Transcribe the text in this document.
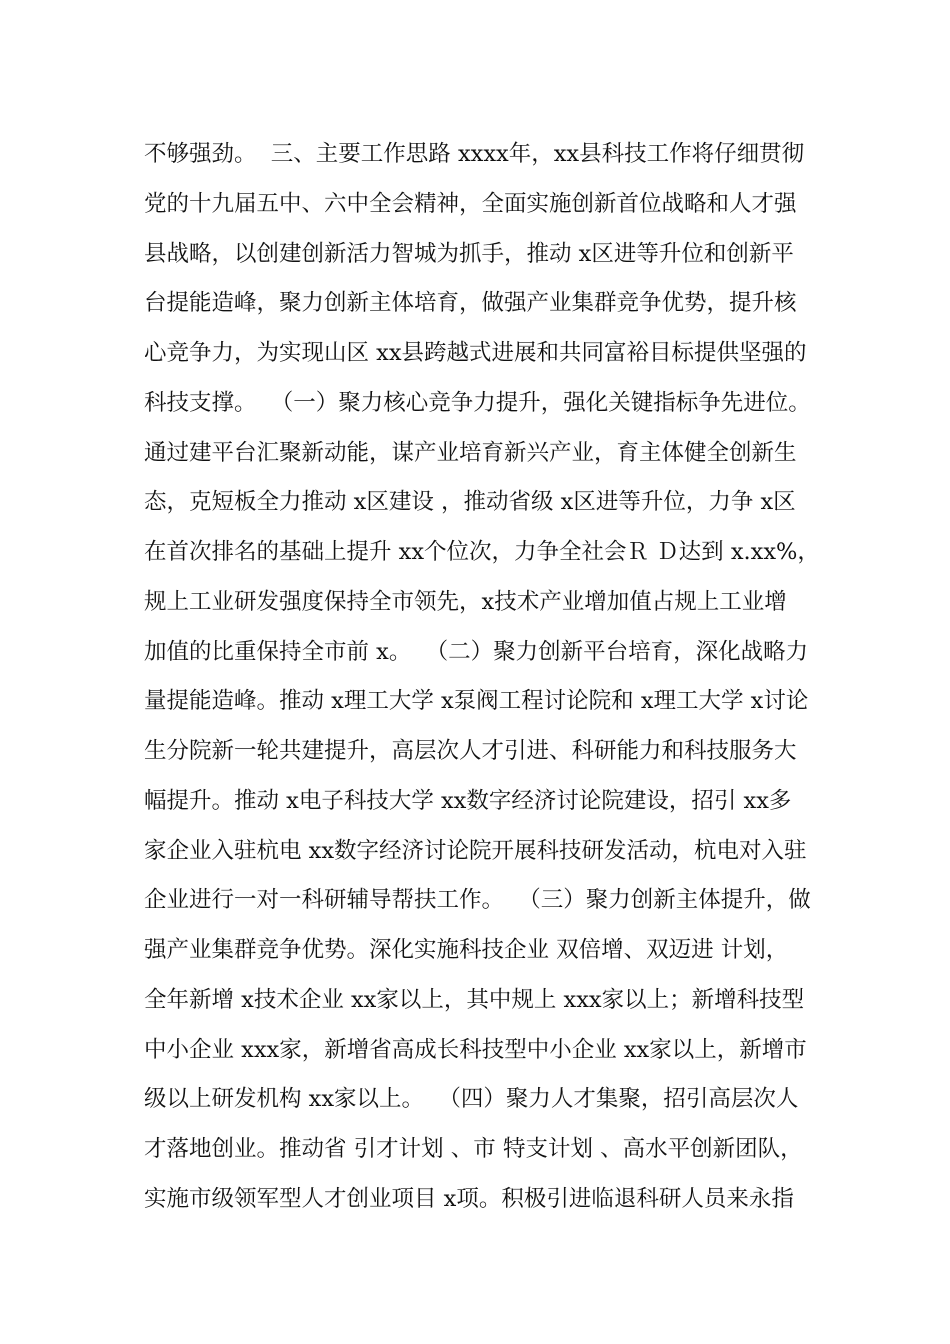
不够强劲。  三、主要工作思路 xxxx年，xx县科技工作将仔细贯彻
党的十九届五中、六中全会精神，全面实施创新首位战略和人才强
县战略，以创建创新活力智城为抓手，推动 x区进等升位和创新平
台提能造峰，聚力创新主体培育，做强产业集群竞争优势，提升核
心竞争力，为实现山区 xx县跨越式进展和共同富裕目标提供坚强的
科技支撑。  （一）聚力核心竞争力提升，强化关键指标争先进位。
通过建平台汇聚新动能，谋产业培育新兴产业，育主体健全创新生
态，克短板全力推动 x区建设 ，推动省级 x区进等升位，力争 x区
在首次排名的基础上提升 xx个位次，力争全社会Ｒ Ｄ达到 x.xx%，
规上工业研发强度保持全市领先，x技术产业增加值占规上工业增
加值的比重保持全市前 x。  （二）聚力创新平台培育，深化战略力
量提能造峰。推动 x理工大学 x泵阀工程讨论院和 x理工大学 x讨论
生分院新一轮共建提升，高层次人才引进、科研能力和科技服务大
幅提升。推动 x电子科技大学 xx数字经济讨论院建设，招引 xx多
家企业入驻杭电 xx数字经济讨论院开展科技研发活动，杭电对入驻
企业进行一对一科研辅导帮扶工作。  （三）聚力创新主体提升，做
强产业集群竞争优势。深化实施科技企业 双倍增、双迈进 计划，
全年新增 x技术企业 xx家以上，其中规上 xxx家以上；新增科技型
中小企业 xxx家，新增省高成长科技型中小企业 xx家以上，新增市
级以上研发机构 xx家以上。  （四）聚力人才集聚，招引高层次人
才落地创业。推动省 引才计划 、市 特支计划 、高水平创新团队，
实施市级领军型人才创业项目 x项。积极引进临退科研人员来永指
